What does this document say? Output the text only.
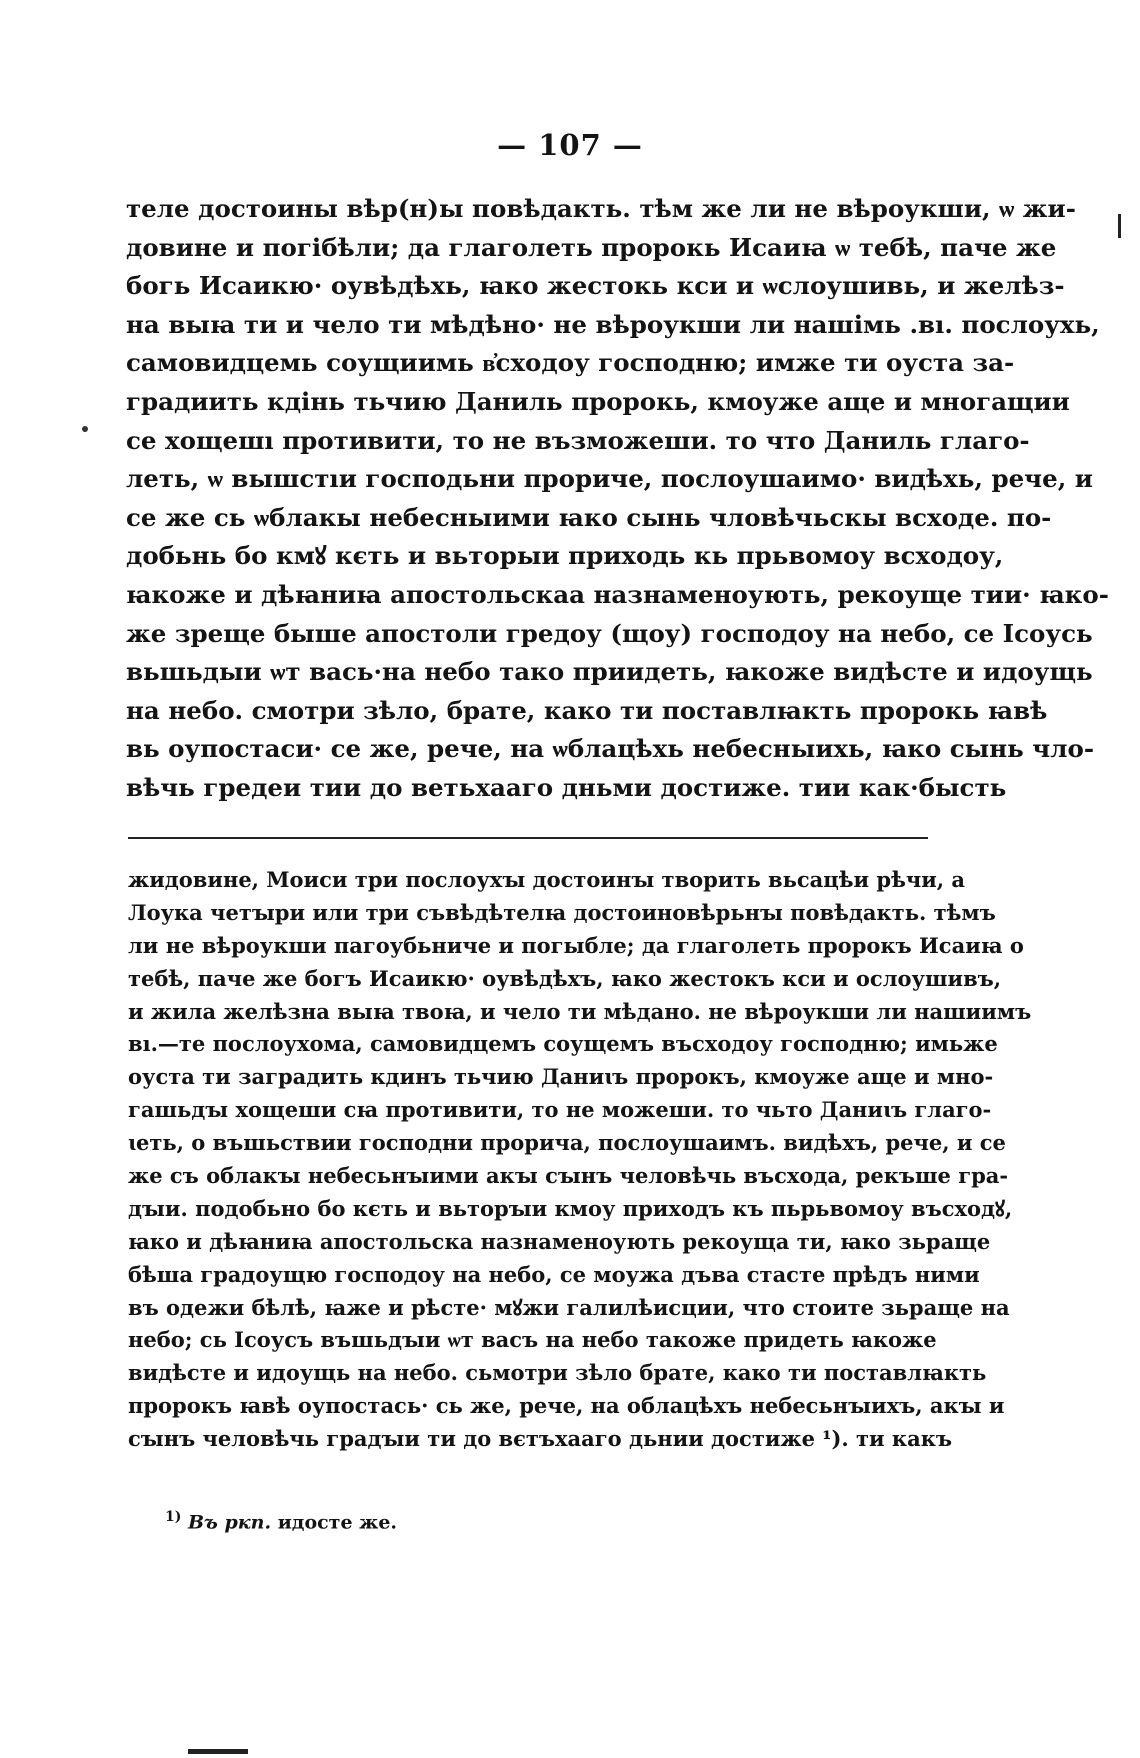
— 107 —
теле достоины вѣр(н)ы повѣдакть. тѣм же ли не вѣроукши, ѡ жи-
довине и погібѣли; да глаголеть пророкь Исаиꙗ ѡ тебѣ, паче же
богь Исаикю· оувѣдѣхь, ꙗко жестокь кси и ѡслоушивь, и желѣз-
на выꙗ ти и чело ти мѣдѣно· не вѣроукши ли нашімь .вı. послоухь,
самовидцемь соущиимь в҆сходоу господню; имже ти оуста за-
градиить кдінь тьчию Даниль пророкь, кмоуже аще и многащии
се хощешı противити, то не възможеши. то что Даниль глаго-
леть, ѡ вышстıи господьни прориче, послоушаимо· видѣхь, рече, и
се же сь ѡблакы небесныими ꙗко сынь чловѣчьскы всходе. по-
добьнь бо кмꙋ кєть и вьторыи приходь кь прьвомоу всходоу,
ꙗкоже и дѣꙗниꙗ апостольскаа назнаменоують, рекоуще тии· ꙗко-
же зреще быше апостоли гредоу (щоу) господоу на небо, се Іcоусь
вьшьдыи ѡт вась·на небо тако приидеть, ꙗкоже видѣсте и идоущь
на небо. смотри зѣло, брате, како ти поставлꙗкть пророкь ꙗвѣ
вь оупостаси· се же, рече, на ѡблацѣхь небесныихь, ꙗко сынь чло-
вѣчь гредеи тии до ветьхааго дньми достиже. тии как·бысть
жидовине, Моиси три послоухꙑ достоинꙑ творить вьсацѣи рѣчи, а
Лоука четꙑри или три съвѣдѣтелꙗ достоиновѣрьнꙑ повѣдакть. тѣмъ
ли не вѣроукши пагоубьниче и погыбле; да глаголеть пророкъ Исаиꙗ о
тебѣ, паче же богъ Исаикю· оувѣдѣхъ, ꙗко жестокъ кси и ослоушивъ,
и жила желѣзна выꙗ твоꙗ, и чело ти мѣдано. не вѣроукши ли нашиимъ
вı.—те послоухома, самовидцемъ соущемъ въсходоу господню; имьже
оуста ти заградить кдинъ тьчию Даниꙇъ пророкъ, кмоуже аще и мно-
гашьдꙑ хощеши сꙗ противити, то не можеши. то чьто Даниꙇъ глаго-
ꙇеть, о въшьствии господни прорича, послоушаимъ. видѣхъ, рече, и се
же съ облакꙑ небесьнꙑими акꙑ сꙑнъ человѣчь въсхода, рекъше гра-
дꙑи. подобьно бо кєть и вьторꙑи кмоу приходъ къ пьрьвомоу въсходꙋ,
ꙗко и дѣꙗниꙗ апостольска назнаменоують рекоуща ти, ꙗко зьраще
бѣша градоущю господоу на небо, се моужа дъва стасте прѣдъ ними
въ одежи бѣлѣ, ꙗже и рѣсте· мꙋжи галилѣисции, что стоите зьраще на
небо; сь Іcоусъ въшьдꙑи ѡт васъ на небо такоже придеть ꙗкоже
видѣсте и идоущь на небо. сьмотри зѣло брате, како ти поставлꙗкть
пророкъ ꙗвѣ оупостась· сь же, рече, на облацѣхъ небесьнꙑихъ, акꙑ и
сꙑнъ человѣчь градꙑи ти до вєтъхааго дьнии достиже ¹). ти какъ
$^{1)}$ Въ ркп. идосте же.
